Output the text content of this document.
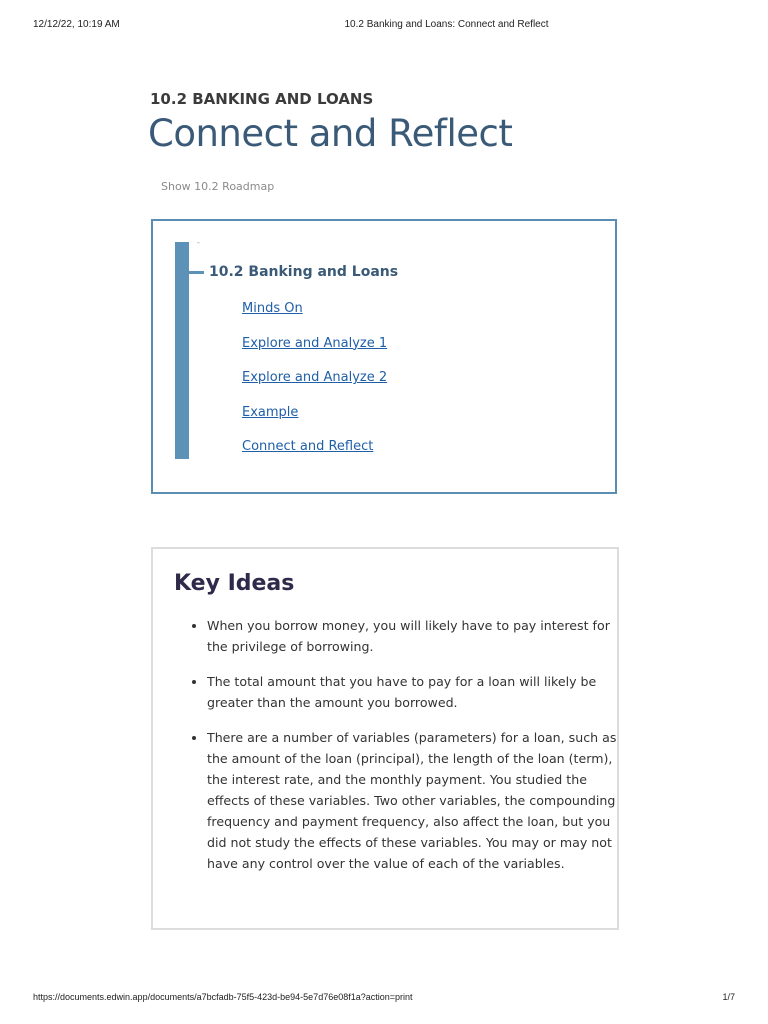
12/12/22, 10:19 AM	10.2 Banking and Loans: Connect and Reflect
10.2 BANKING AND LOANS
Connect and Reflect
Show 10.2 Roadmap
-
10.2 Banking and Loans
Minds On
Explore and Analyze 1
Explore and Analyze 2
Example
Connect and Reflect
Key Ideas
• When you borrow money, you will likely have to pay interest for the privilege of borrowing.
• The total amount that you have to pay for a loan will likely be greater than the amount you borrowed.
• There are a number of variables (parameters) for a loan, such as the amount of the loan (principal), the length of the loan (term), the interest rate, and the monthly payment. You studied the effects of these variables. Two other variables, the compounding frequency and payment frequency, also affect the loan, but you did not study the effects of these variables. You may or may not have any control over the value of each of the variables.
https://documents.edwin.app/documents/a7bcfadb-75f5-423d-be94-5e7d76e08f1a?action=print	1/7
